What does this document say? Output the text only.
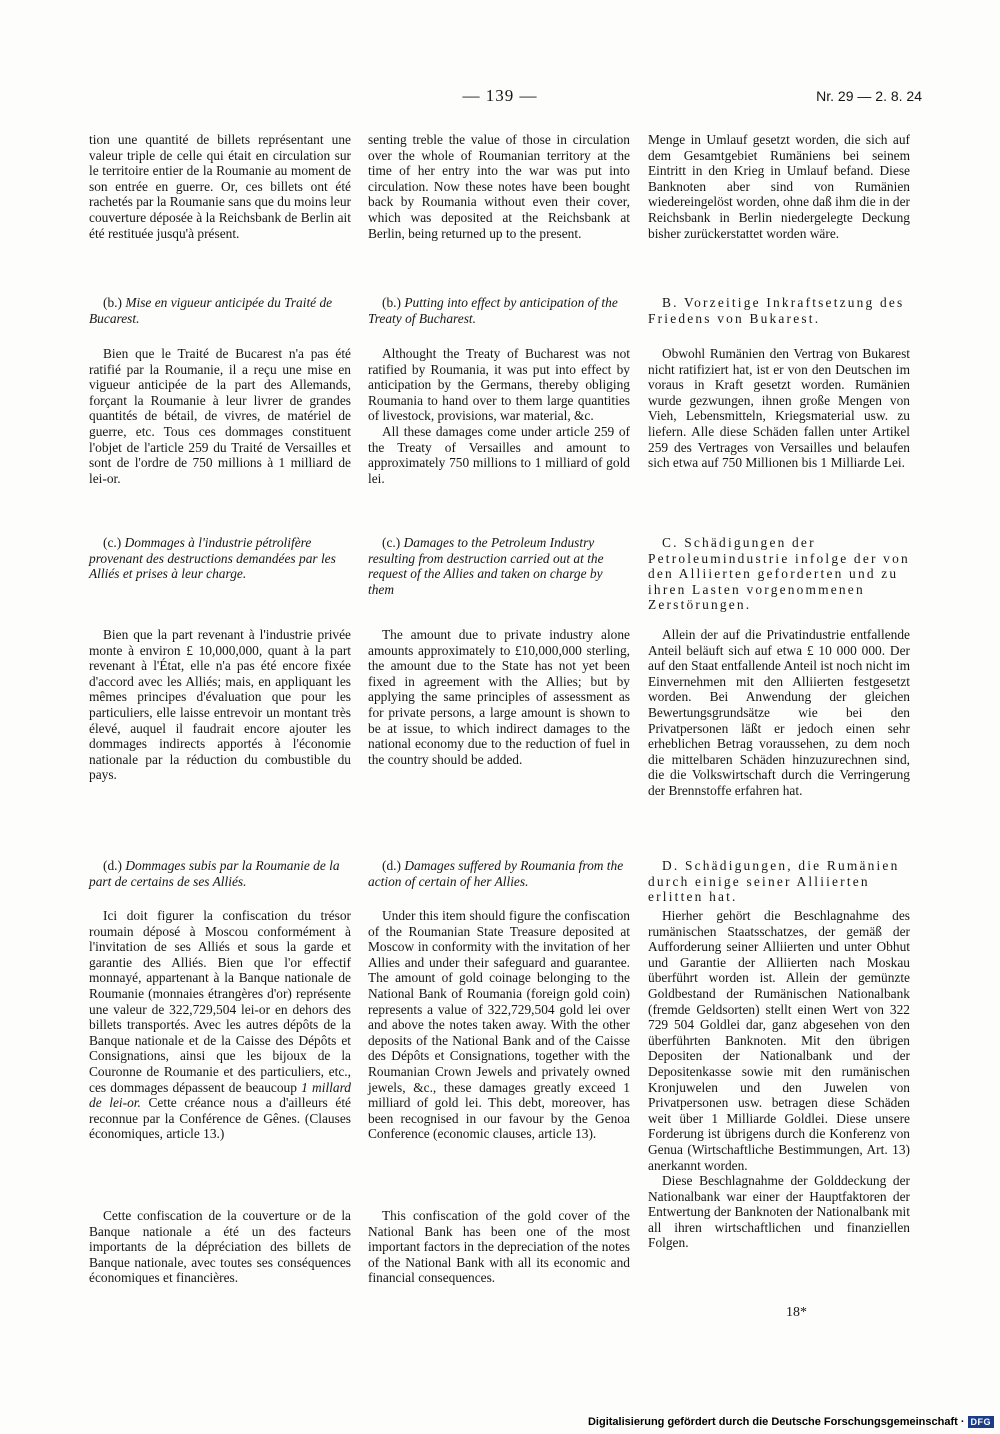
— 139 —	Nr. 29 — 2. 8. 24

tion une quantité de billets représentant une valeur triple de celle qui était en circulation sur le territoire entier de la Roumanie au moment de son entrée en guerre. Or, ces billets ont été rachetés par la Roumanie sans que du moins leur couverture déposée à la Reichsbank de Berlin ait été restituée jusqu'à présent.

(b.) Mise en vigueur anticipée du Traité de Bucarest.

Bien que le Traité de Bucarest n'a pas été ratifié par la Roumanie, il a reçu une mise en vigueur anticipée de la part des Allemands, forçant la Roumanie à leur livrer de grandes quantités de bétail, de vivres, de matériel de guerre, etc. Tous ces dommages constituent l'objet de l'article 259 du Traité de Versailles et sont de l'ordre de 750 millions à 1 milliard de lei-or.

(c.) Dommages à l'industrie pétrolifère provenant des destructions demandées par les Alliés et prises à leur charge.

Bien que la part revenant à l'industrie privée monte à environ £ 10,000,000, quant à la part revenant à l'État, elle n'a pas été encore fixée d'accord avec les Alliés; mais, en appliquant les mêmes principes d'évaluation que pour les particuliers, elle laisse entrevoir un montant très élevé, auquel il faudrait encore ajouter les dommages indirects apportés à l'économie nationale par la réduction du combustible du pays.

(d.) Dommages subis par la Roumanie de la part de certains de ses Alliés.

Ici doit figurer la confiscation du trésor roumain déposé à Moscou conformément à l'invitation de ses Alliés et sous la garde et garantie des Alliés. Bien que l'or effectif monnayé, appartenant à la Banque nationale de Roumanie (monnaies étrangères d'or) représente une valeur de 322,729,504 lei-or en dehors des billets transportés. Avec les autres dépôts de la Banque nationale et de la Caisse des Dépôts et Consignations, ainsi que les bijoux de la Couronne de Roumanie et des particuliers, etc., ces dommages dépassent de beaucoup 1 millard de lei-or. Cette créance nous a d'ailleurs été reconnue par la Conférence de Gênes. (Clauses économiques, article 13.)

Cette confiscation de la couverture or de la Banque nationale a été un des facteurs importants de la dépréciation des billets de Banque nationale, avec toutes ses conséquences économiques et financières.

senting treble the value of those in circulation over the whole of Roumanian territory at the time of her entry into the war was put into circulation. Now these notes have been bought back by Roumania without even their cover, which was deposited at the Reichsbank at Berlin, being returned up to the present.

(b.) Putting into effect by anticipation of the Treaty of Bucharest.

Althought the Treaty of Bucharest was not ratified by Roumania, it was put into effect by anticipation by the Germans, thereby obliging Roumania to hand over to them large quantities of livestock, provisions, war material, &c.

All these damages come under article 259 of the Treaty of Versailles and amount to approximately 750 millions to 1 milliard of gold lei.

(c.) Damages to the Petroleum Industry resulting from destruction carried out at the request of the Allies and taken on charge by them

The amount due to private industry alone amounts approximately to £10,000,000 sterling, the amount due to the State has not yet been fixed in agreement with the Allies; but by applying the same principles of assessment as for private persons, a large amount is shown to be at issue, to which indirect damages to the national economy due to the reduction of fuel in the country should be added.

(d.) Damages suffered by Roumania from the action of certain of her Allies.

Under this item should figure the confiscation of the Roumanian State Treasure deposited at Moscow in conformity with the invitation of her Allies and under their safeguard and guarantee. The amount of gold coinage belonging to the National Bank of Roumania (foreign gold coin) represents a value of 322,729,504 gold lei over and above the notes taken away. With the other deposits of the National Bank and of the Caisse des Dépôts et Consignations, together with the Roumanian Crown Jewels and privately owned jewels, &c., these damages greatly exceed 1 milliard of gold lei. This debt, moreover, has been recognised in our favour by the Genoa Conference (economic clauses, article 13).

This confiscation of the gold cover of the National Bank has been one of the most important factors in the depreciation of the notes of the National Bank with all its economic and financial consequences.

Menge in Umlauf gesetzt worden, die sich auf dem Gesamtgebiet Rumäniens bei seinem Eintritt in den Krieg in Umlauf befand. Diese Banknoten aber sind von Rumänien wiedereingelöst worden, ohne daß ihm die in der Reichsbank in Berlin niedergelegte Deckung bisher zurückerstattet worden wäre.

B. Vorzeitige Inkraftsetzung des Friedens von Bukarest.

Obwohl Rumänien den Vertrag von Bukarest nicht ratifiziert hat, ist er von den Deutschen im voraus in Kraft gesetzt worden. Rumänien wurde gezwungen, ihnen große Mengen von Vieh, Lebensmitteln, Kriegsmaterial usw. zu liefern. Alle diese Schäden fallen unter Artikel 259 des Vertrages von Versailles und belaufen sich etwa auf 750 Millionen bis 1 Milliarde Lei.

C. Schädigungen der Petroleumindustrie infolge der von den Alliierten geforderten und zu ihren Lasten vorgenommenen Zerstörungen.

Allein der auf die Privatindustrie entfallende Anteil beläuft sich auf etwa £ 10 000 000. Der auf den Staat entfallende Anteil ist noch nicht im Einvernehmen mit den Alliierten festgesetzt worden. Bei Anwendung der gleichen Bewertungsgrundsätze wie bei den Privatpersonen läßt er jedoch einen sehr erheblichen Betrag voraussehen, zu dem noch die mittelbaren Schäden hinzuzurechnen sind, die die Volkswirtschaft durch die Verringerung der Brennstoffe erfahren hat.

D. Schädigungen, die Rumänien durch einige seiner Alliierten erlitten hat.

Hierher gehört die Beschlagnahme des rumänischen Staatsschatzes, der gemäß der Aufforderung seiner Alliierten und unter Obhut und Garantie der Alliierten nach Moskau überführt worden ist. Allein der gemünzte Goldbestand der Rumänischen Nationalbank (fremde Geldsorten) stellt einen Wert von 322 729 504 Goldlei dar, ganz abgesehen von den überführten Banknoten. Mit den übrigen Depositen der Nationalbank und der Depositenkasse sowie mit den rumänischen Kronjuwelen und den Juwelen von Privatpersonen usw. betragen diese Schäden weit über 1 Milliarde Goldlei. Diese unsere Forderung ist übrigens durch die Konferenz von Genua (Wirtschaftliche Bestimmungen, Art. 13) anerkannt worden.

Diese Beschlagnahme der Golddeckung der Nationalbank war einer der Hauptfaktoren der Entwertung der Banknoten der Nationalbank mit all ihren wirtschaftlichen und finanziellen Folgen.

18*
Digitalisierung gefördert durch die Deutsche Forschungsgemeinschaft · DFG
